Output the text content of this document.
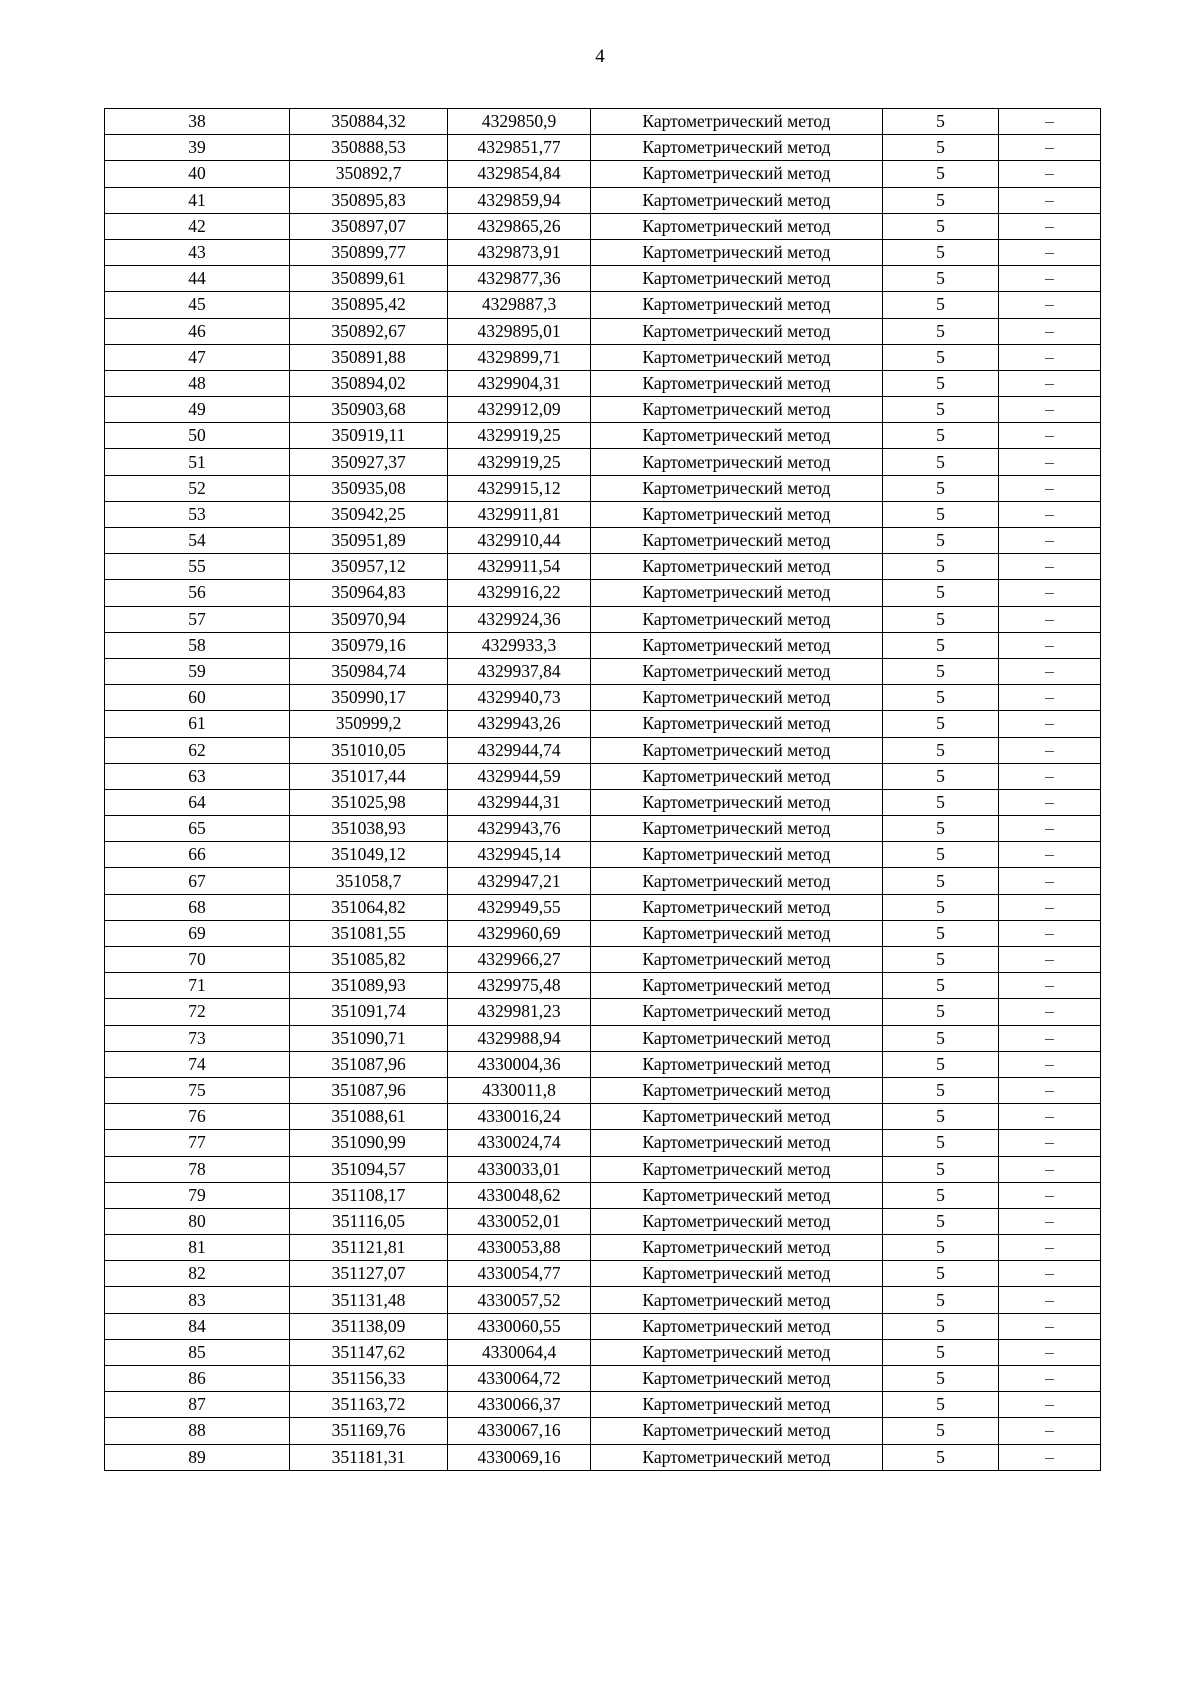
4
38	350884,32	4329850,9	Картометрический метод	5	–
39	350888,53	4329851,77	Картометрический метод	5	–
40	350892,7	4329854,84	Картометрический метод	5	–
41	350895,83	4329859,94	Картометрический метод	5	–
42	350897,07	4329865,26	Картометрический метод	5	–
43	350899,77	4329873,91	Картометрический метод	5	–
44	350899,61	4329877,36	Картометрический метод	5	–
45	350895,42	4329887,3	Картометрический метод	5	–
46	350892,67	4329895,01	Картометрический метод	5	–
47	350891,88	4329899,71	Картометрический метод	5	–
48	350894,02	4329904,31	Картометрический метод	5	–
49	350903,68	4329912,09	Картометрический метод	5	–
50	350919,11	4329919,25	Картометрический метод	5	–
51	350927,37	4329919,25	Картометрический метод	5	–
52	350935,08	4329915,12	Картометрический метод	5	–
53	350942,25	4329911,81	Картометрический метод	5	–
54	350951,89	4329910,44	Картометрический метод	5	–
55	350957,12	4329911,54	Картометрический метод	5	–
56	350964,83	4329916,22	Картометрический метод	5	–
57	350970,94	4329924,36	Картометрический метод	5	–
58	350979,16	4329933,3	Картометрический метод	5	–
59	350984,74	4329937,84	Картометрический метод	5	–
60	350990,17	4329940,73	Картометрический метод	5	–
61	350999,2	4329943,26	Картометрический метод	5	–
62	351010,05	4329944,74	Картометрический метод	5	–
63	351017,44	4329944,59	Картометрический метод	5	–
64	351025,98	4329944,31	Картометрический метод	5	–
65	351038,93	4329943,76	Картометрический метод	5	–
66	351049,12	4329945,14	Картометрический метод	5	–
67	351058,7	4329947,21	Картометрический метод	5	–
68	351064,82	4329949,55	Картометрический метод	5	–
69	351081,55	4329960,69	Картометрический метод	5	–
70	351085,82	4329966,27	Картометрический метод	5	–
71	351089,93	4329975,48	Картометрический метод	5	–
72	351091,74	4329981,23	Картометрический метод	5	–
73	351090,71	4329988,94	Картометрический метод	5	–
74	351087,96	4330004,36	Картометрический метод	5	–
75	351087,96	4330011,8	Картометрический метод	5	–
76	351088,61	4330016,24	Картометрический метод	5	–
77	351090,99	4330024,74	Картометрический метод	5	–
78	351094,57	4330033,01	Картометрический метод	5	–
79	351108,17	4330048,62	Картометрический метод	5	–
80	351116,05	4330052,01	Картометрический метод	5	–
81	351121,81	4330053,88	Картометрический метод	5	–
82	351127,07	4330054,77	Картометрический метод	5	–
83	351131,48	4330057,52	Картометрический метод	5	–
84	351138,09	4330060,55	Картометрический метод	5	–
85	351147,62	4330064,4	Картометрический метод	5	–
86	351156,33	4330064,72	Картометрический метод	5	–
87	351163,72	4330066,37	Картометрический метод	5	–
88	351169,76	4330067,16	Картометрический метод	5	–
89	351181,31	4330069,16	Картометрический метод	5	–
